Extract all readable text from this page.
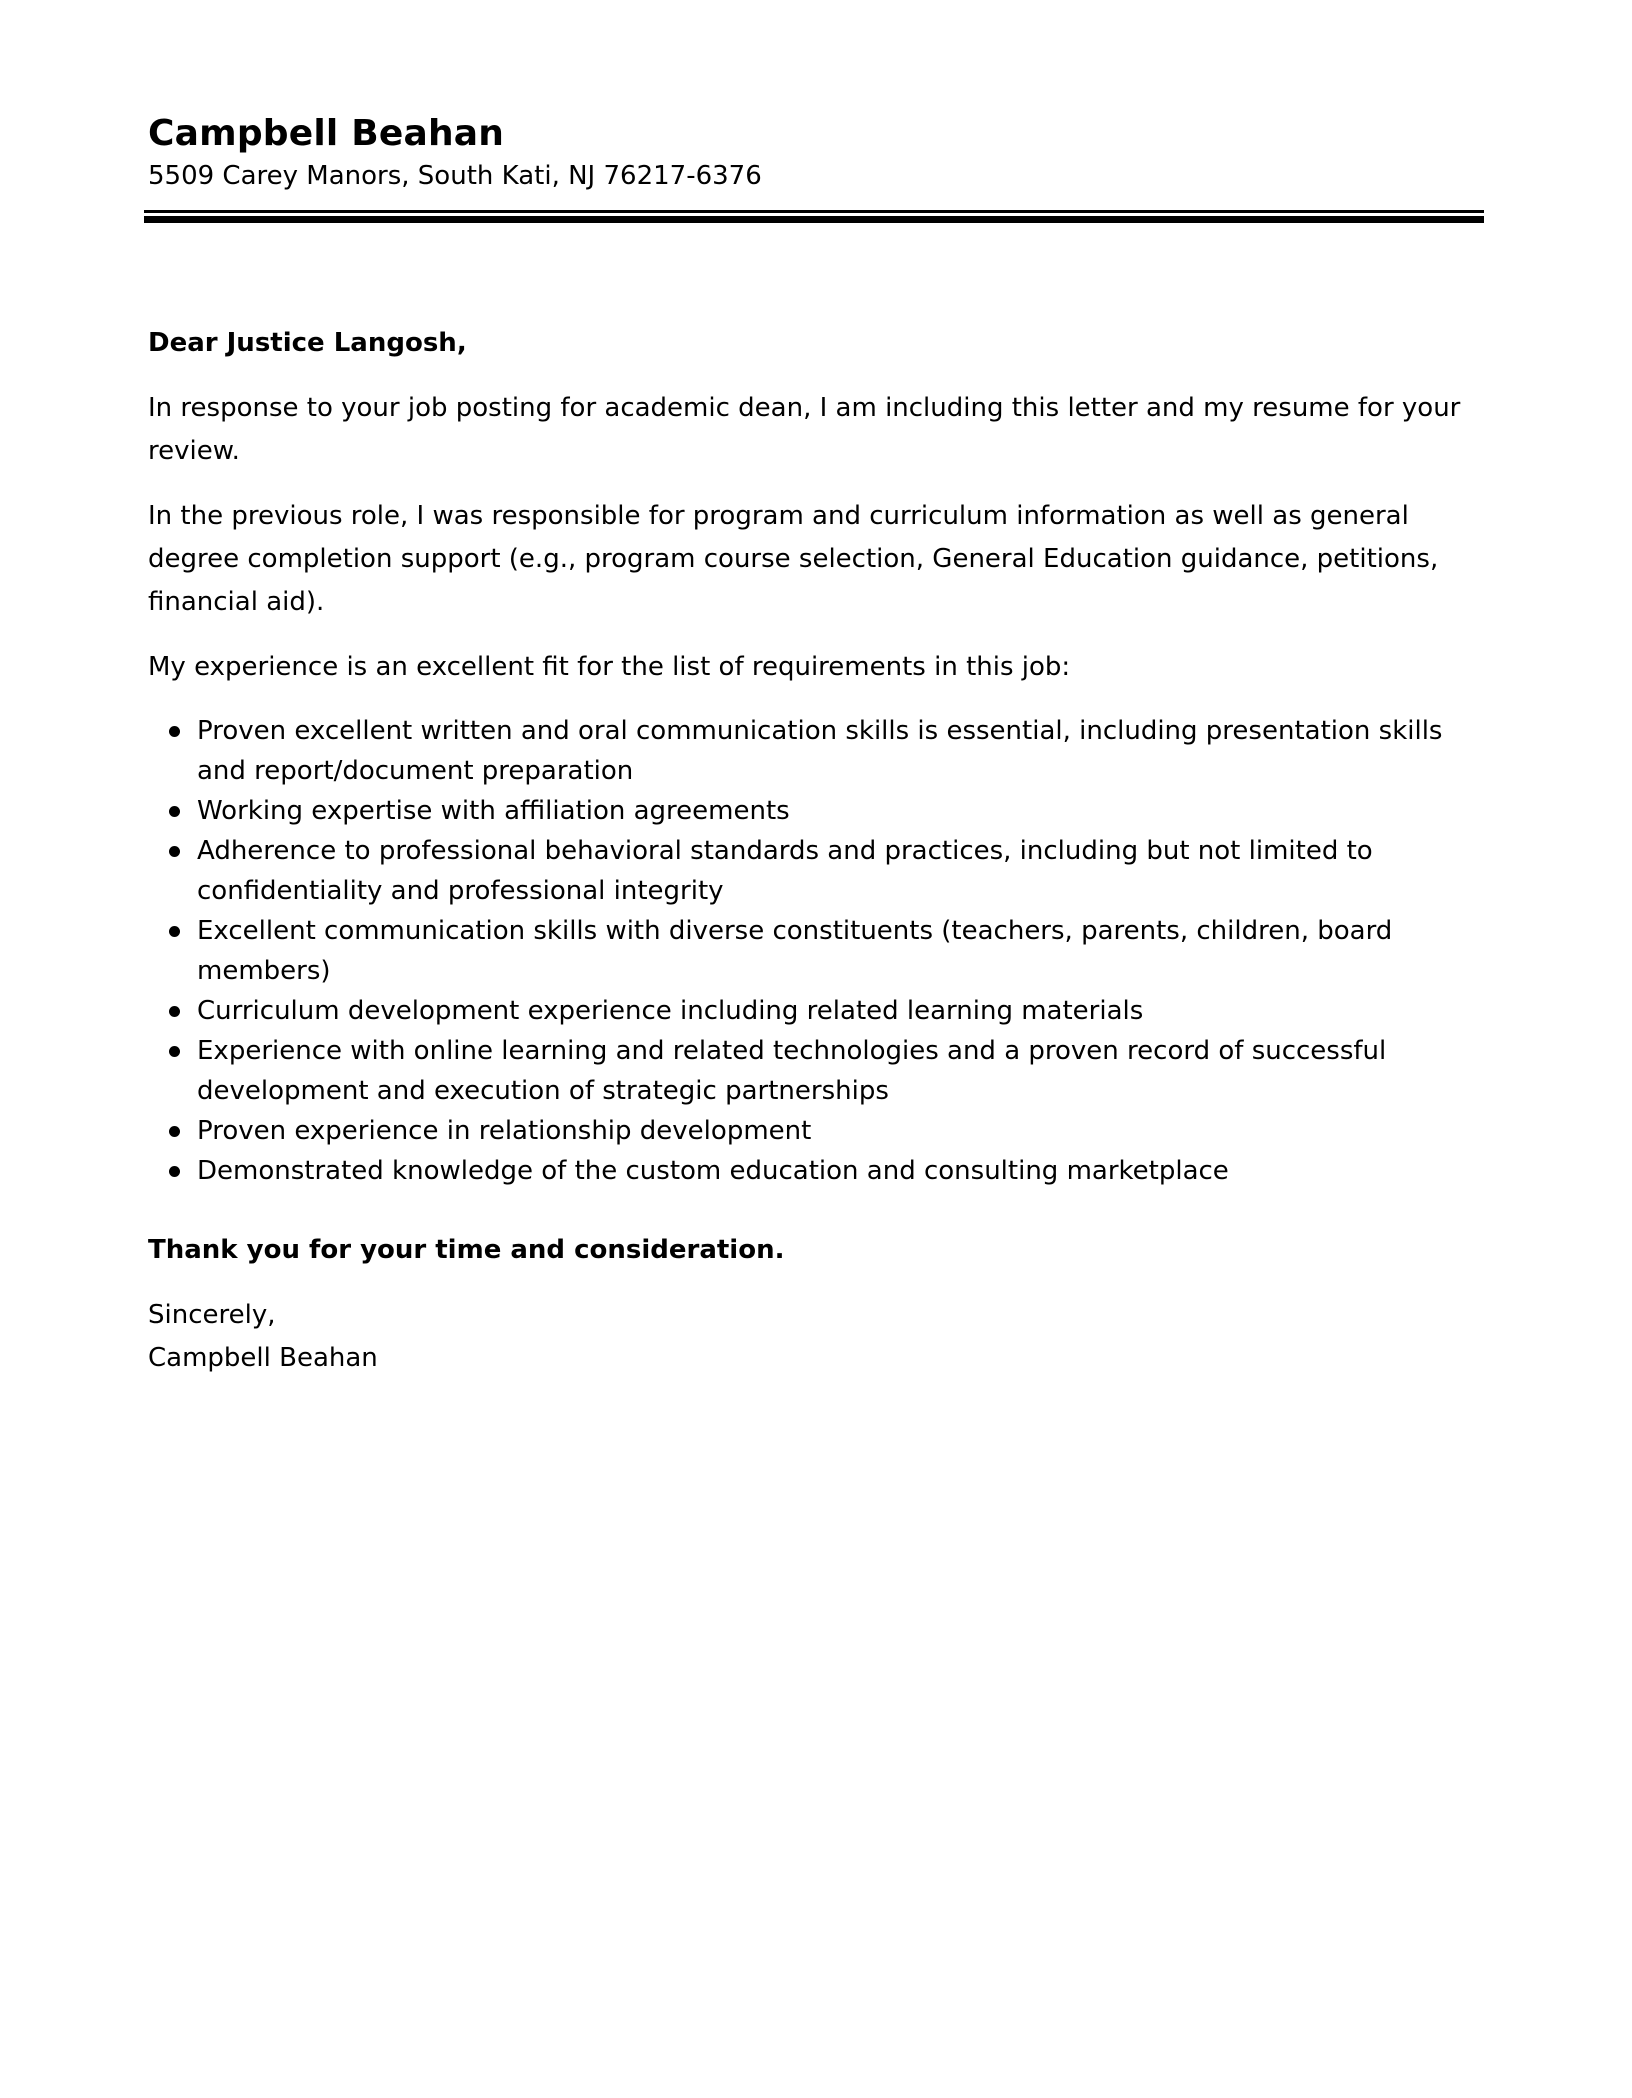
Campbell Beahan
5509 Carey Manors, South Kati, NJ 76217-6376

Dear Justice Langosh,

In response to your job posting for academic dean, I am including this letter and my resume for your review.

In the previous role, I was responsible for program and curriculum information as well as general degree completion support (e.g., program course selection, General Education guidance, petitions, financial aid).

My experience is an excellent fit for the list of requirements in this job:

Proven excellent written and oral communication skills is essential, including presentation skills and report/document preparation
Working expertise with affiliation agreements
Adherence to professional behavioral standards and practices, including but not limited to confidentiality and professional integrity
Excellent communication skills with diverse constituents (teachers, parents, children, board members)
Curriculum development experience including related learning materials
Experience with online learning and related technologies and a proven record of successful development and execution of strategic partnerships
Proven experience in relationship development
Demonstrated knowledge of the custom education and consulting marketplace

Thank you for your time and consideration.

Sincerely,

Campbell Beahan
